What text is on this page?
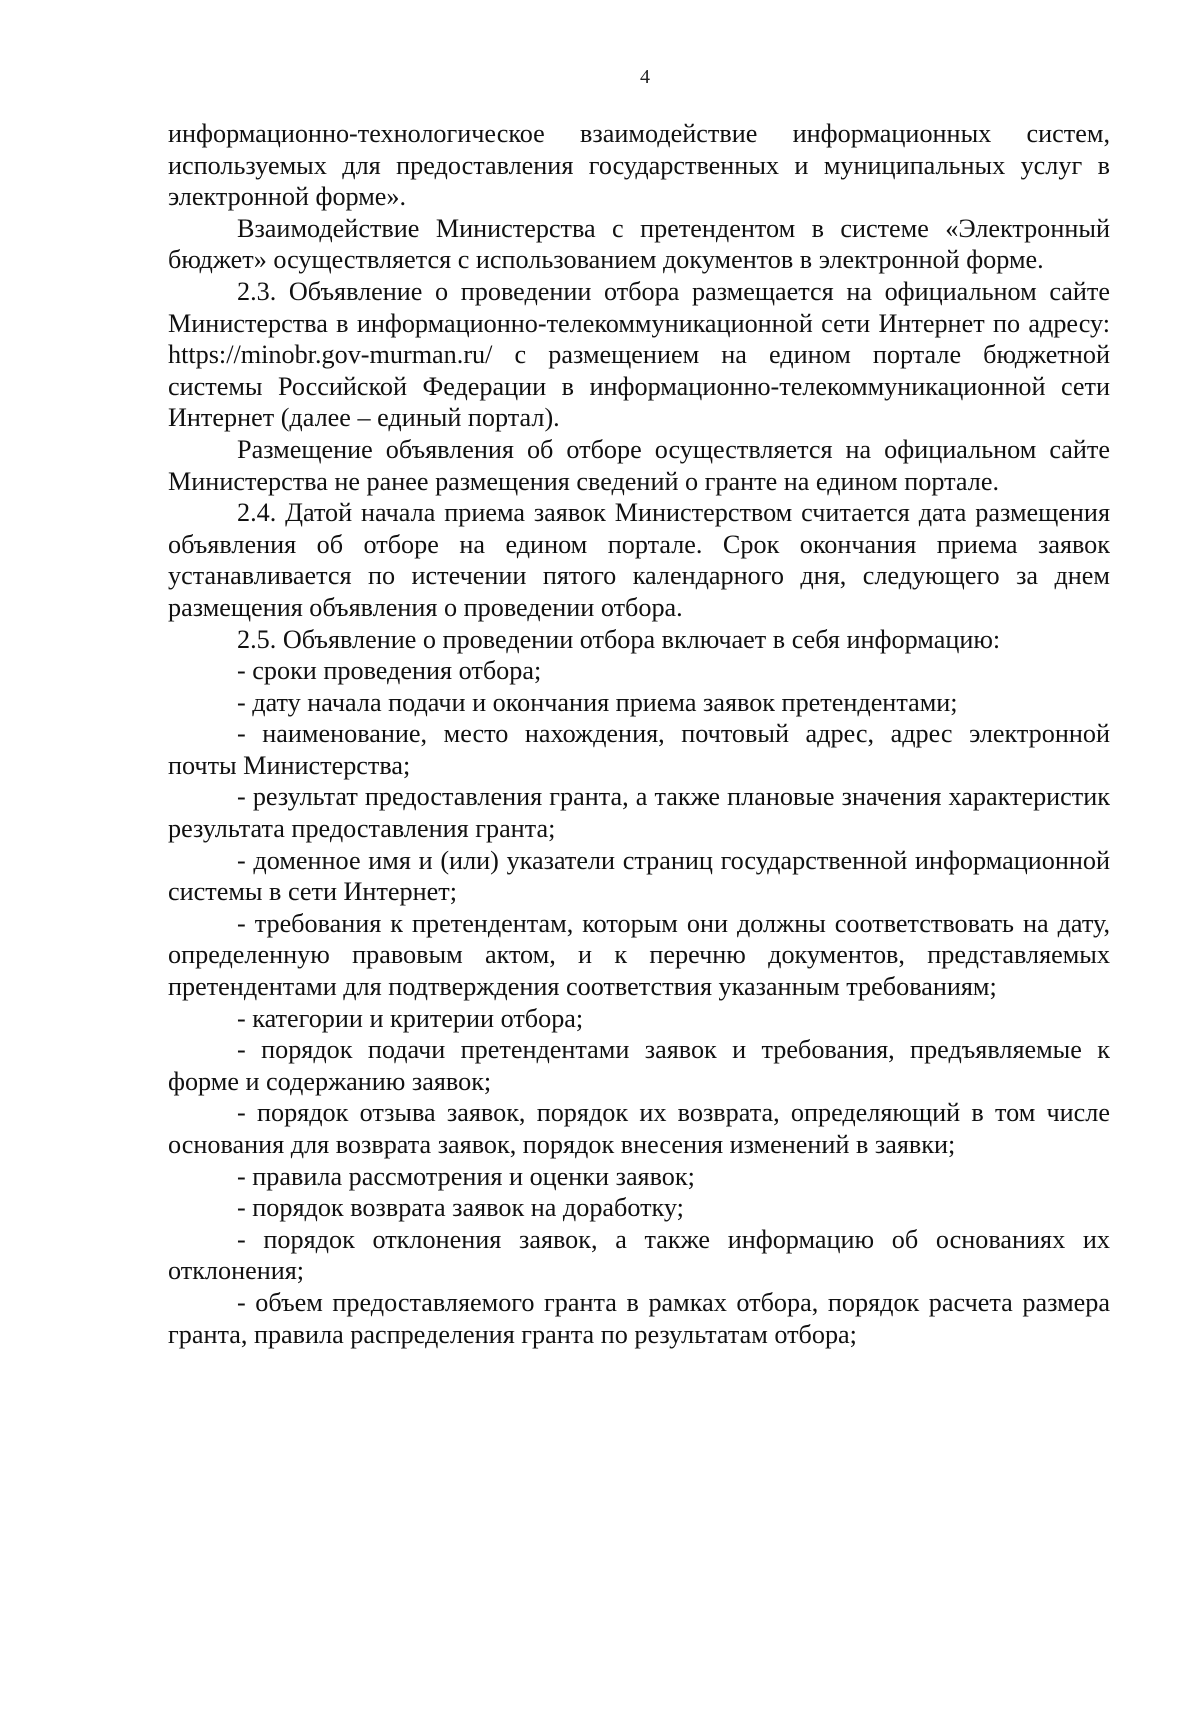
4

информационно-технологическое взаимодействие информационных систем, используемых для предоставления государственных и муниципальных услуг в электронной форме».

Взаимодействие Министерства с претендентом в системе «Электронный бюджет» осуществляется с использованием документов в электронной форме.

2.3. Объявление о проведении отбора размещается на официальном сайте Министерства в информационно-телекоммуникационной сети Интернет по адресу: https://minobr.gov-murman.ru/ с размещением на едином портале бюджетной системы Российской Федерации в информационно-телекоммуникационной сети Интернет (далее – единый портал).

Размещение объявления об отборе осуществляется на официальном сайте Министерства не ранее размещения сведений о гранте на едином портале.

2.4. Датой начала приема заявок Министерством считается дата размещения объявления об отборе на едином портале. Срок окончания приема заявок устанавливается по истечении пятого календарного дня, следующего за днем размещения объявления о проведении отбора.

2.5. Объявление о проведении отбора включает в себя информацию:

- сроки проведения отбора;

- дату начала подачи и окончания приема заявок претендентами;

- наименование, место нахождения, почтовый адрес, адрес электронной почты Министерства;

- результат предоставления гранта, а также плановые значения характеристик результата предоставления гранта;

- доменное имя и (или) указатели страниц государственной информационной системы в сети Интернет;

- требования к претендентам, которым они должны соответствовать на дату, определенную правовым актом, и к перечню документов, представляемых претендентами для подтверждения соответствия указанным требованиям;

- категории и критерии отбора;

- порядок подачи претендентами заявок и требования, предъявляемые к форме и содержанию заявок;

- порядок отзыва заявок, порядок их возврата, определяющий в том числе основания для возврата заявок, порядок внесения изменений в заявки;

- правила рассмотрения и оценки заявок;

- порядок возврата заявок на доработку;

- порядок отклонения заявок, а также информацию об основаниях их отклонения;

- объем предоставляемого гранта в рамках отбора, порядок расчета размера гранта, правила распределения гранта по результатам отбора;
